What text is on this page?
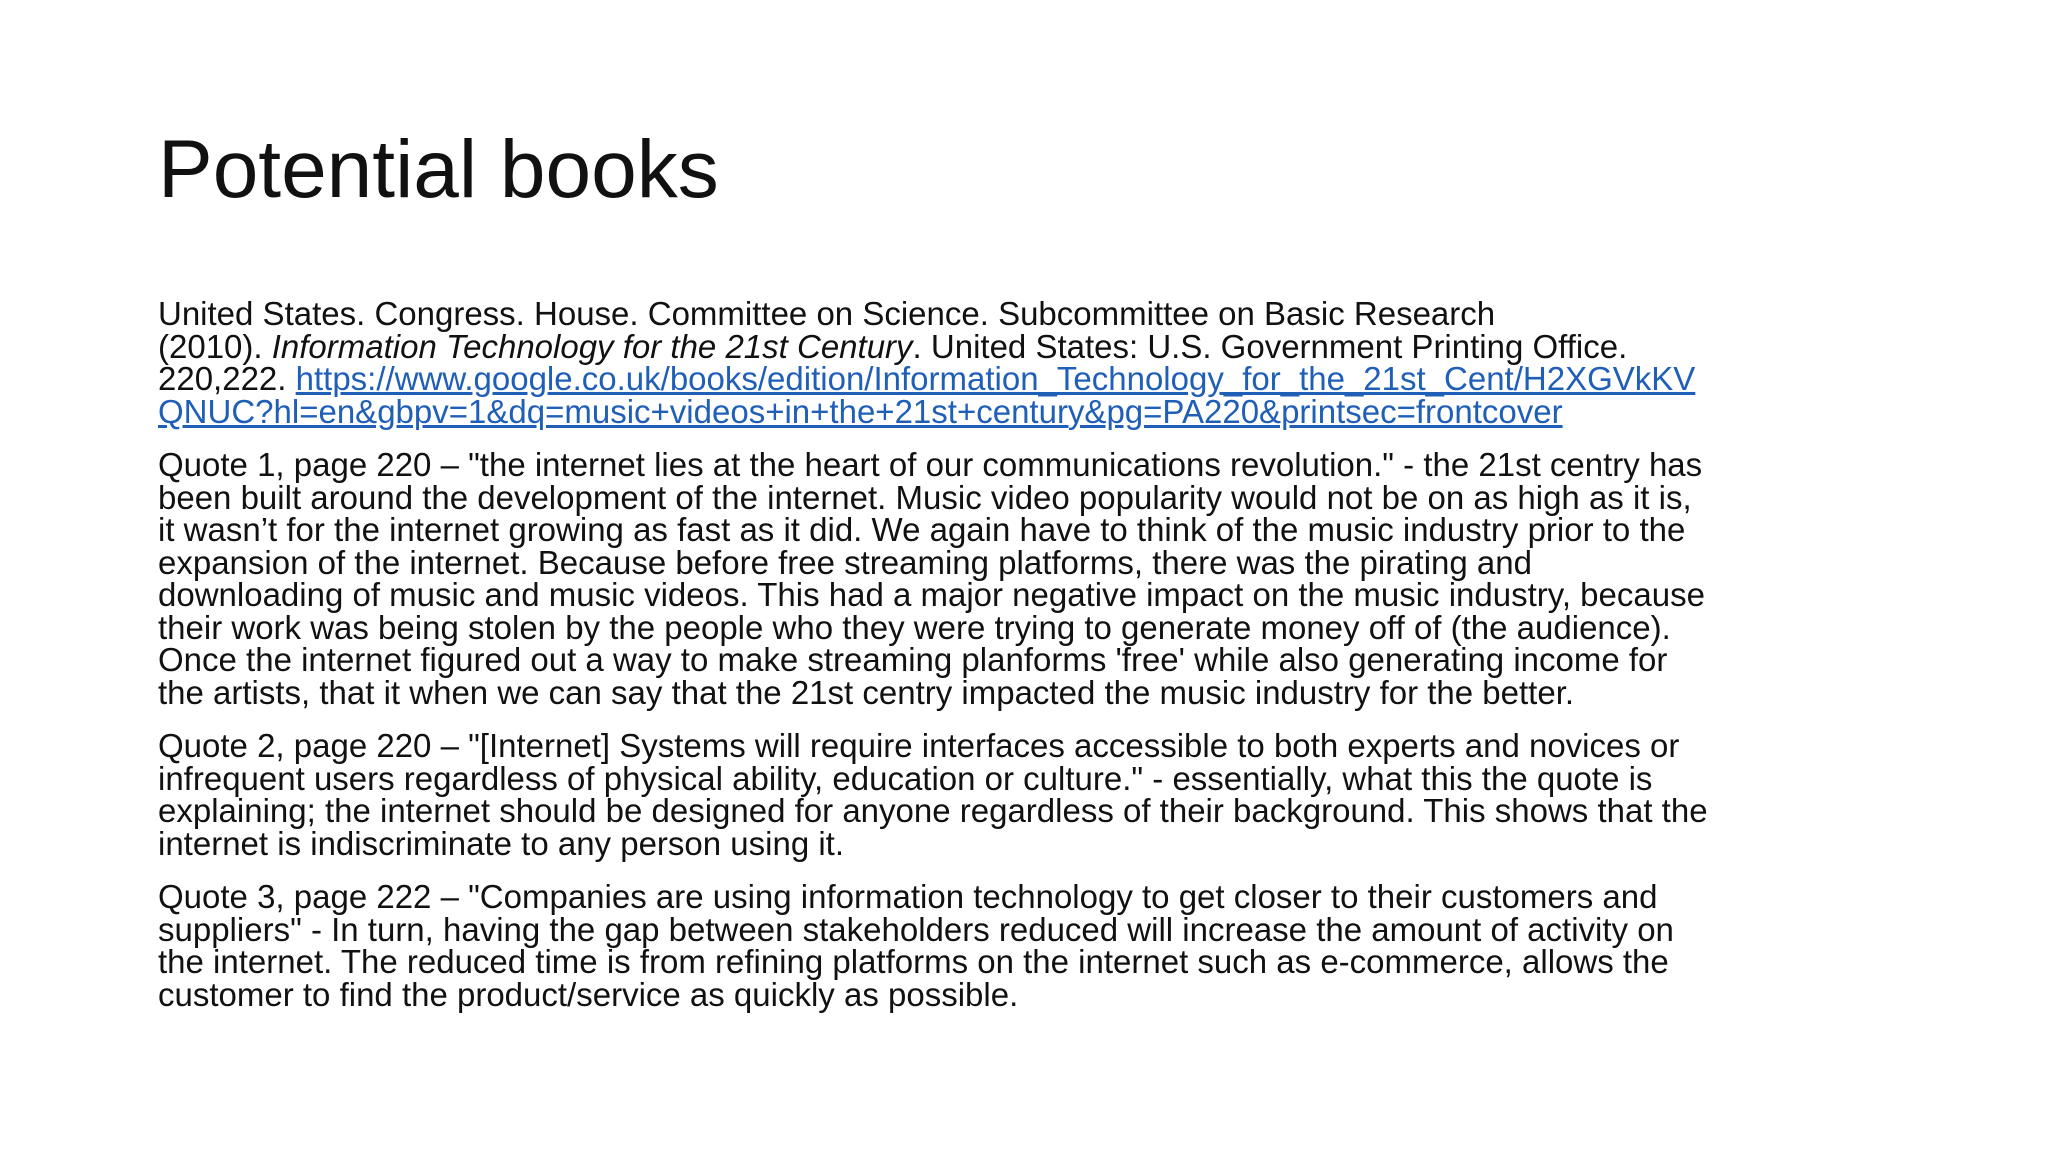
Potential books

United States. Congress. House. Committee on Science. Subcommittee on Basic Research
(2010). Information Technology for the 21st Century. United States: U.S. Government Printing Office.
220,222. https://www.google.co.uk/books/edition/Information_Technology_for_the_21st_Cent/H2XGVkKV
QNUC?hl=en&gbpv=1&dq=music+videos+in+the+21st+century&pg=PA220&printsec=frontcover

Quote 1, page 220 – "the internet lies at the heart of our communications revolution." - the 21st centry has
been built around the development of the internet. Music video popularity would not be on as high as it is,
it wasn’t for the internet growing as fast as it did. We again have to think of the music industry prior to the
expansion of the internet. Because before free streaming platforms, there was the pirating and
downloading of music and music videos. This had a major negative impact on the music industry, because
their work was being stolen by the people who they were trying to generate money off of (the audience).
Once the internet figured out a way to make streaming planforms 'free' while also generating income for
the artists, that it when we can say that the 21st centry impacted the music industry for the better.

Quote 2, page 220 – "[Internet] Systems will require interfaces accessible to both experts and novices or
infrequent users regardless of physical ability, education or culture." - essentially, what this the quote is
explaining; the internet should be designed for anyone regardless of their background. This shows that the
internet is indiscriminate to any person using it.

Quote 3, page 222 – "Companies are using information technology to get closer to their customers and
suppliers" - In turn, having the gap between stakeholders reduced will increase the amount of activity on
the internet. The reduced time is from refining platforms on the internet such as e-commerce, allows the
customer to find the product/service as quickly as possible.
